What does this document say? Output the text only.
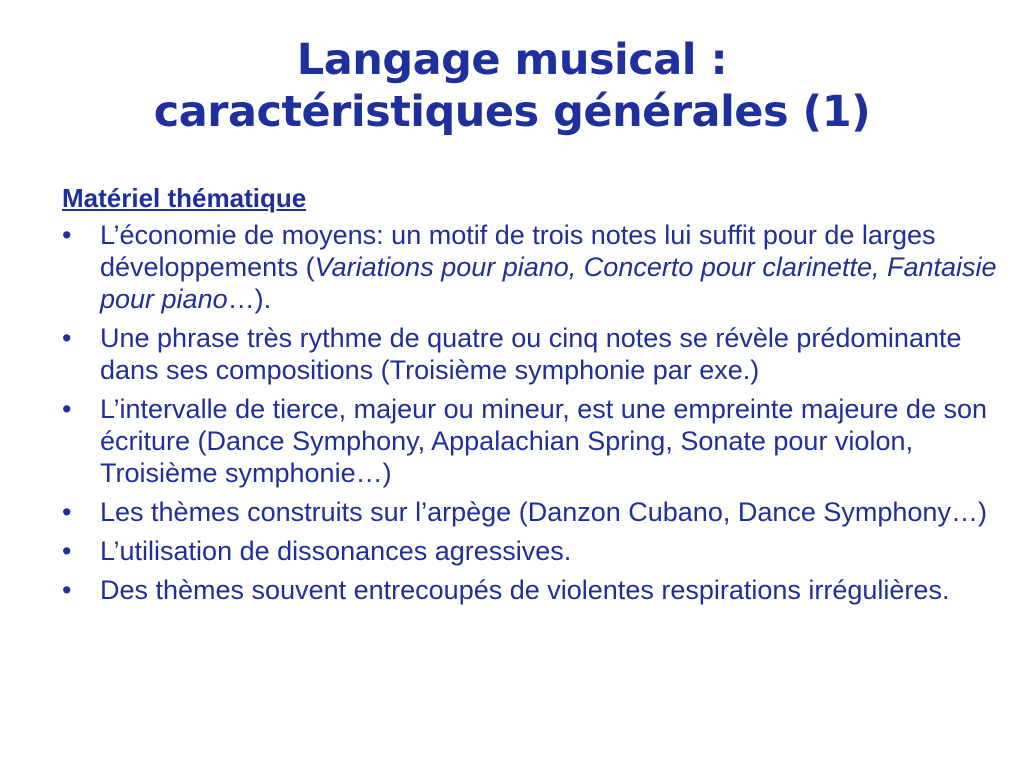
Langage musical :
caractéristiques générales (1)
Matériel thématique
•	L’économie de moyens: un motif de trois notes lui suffit pour de larges développements (Variations pour piano, Concerto pour clarinette, Fantaisie pour piano…).
•	Une phrase très rythme de quatre ou cinq notes se révèle prédominante dans ses compositions (Troisième symphonie par exe.)
•	L’intervalle de tierce, majeur ou mineur, est une empreinte majeure de son écriture (Dance Symphony, Appalachian Spring, Sonate pour violon, Troisième symphonie…)
•	Les thèmes construits sur l’arpège (Danzon Cubano, Dance Symphony…)
•	L’utilisation de dissonances agressives.
•	Des thèmes souvent entrecoupés de violentes respirations irrégulières.
